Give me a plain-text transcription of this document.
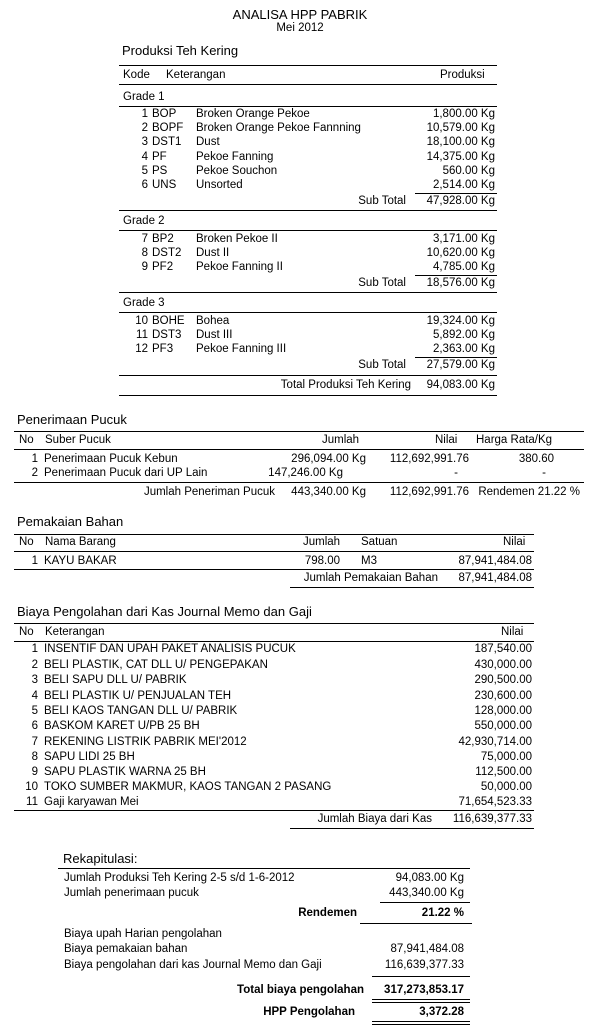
ANALISA HPP PABRIK
Mei 2012
Produksi Teh Kering
Kode Keterangan	Produksi
Grade 1
1 BOP Broken Orange Pekoe	1,800.00 Kg
2 BOPF Broken Orange Pekoe Fannning	10,579.00 Kg
3 DST1 Dust	18,100.00 Kg
4 PF	Pekoe Fanning	14,375.00 Kg
5 PS Pekoe Souchon	560.00 Kg
6 UNS Unsorted	2,514.00 Kg
Sub Total	47,928.00 Kg
Grade 2
7 BP2 Broken Pekoe II	3,171.00 Kg
8 DST2 Dust II	10,620.00 Kg
9 PF2 Pekoe Fanning II	4,785.00 Kg
Sub Total	18,576.00 Kg
Grade 3
10 BOHE Bohea	19,324.00 Kg
11 DST3 Dust III	5,892.00 Kg
12 PF3 Pekoe Fanning III	2,363.00 Kg
Sub Total	27,579.00 Kg
Total Produksi Teh Kering	94,083.00 Kg
Penerimaan Pucuk
No Suber Pucuk	Jumlah	Nilai Harga Rata/Kg
1 Penerimaan Pucuk Kebun	296,094.00 Kg	112,692,991.76	380.60
2 Penerimaan Pucuk dari UP Lain	147,246.00 Kg	-	-
Jumlah Peneriman Pucuk	443,340.00 Kg	112,692,991.76 Rendemen 21.22 %
Pemakaian Bahan
No Nama Barang	Jumlah Satuan	Nilai
1 KAYU BAKAR	798.00 M3	87,941,484.08
Jumlah Pemakaian Bahan	87,941,484.08
Biaya Pengolahan dari Kas Journal Memo dan Gaji
No Keterangan	Nilai
1 INSENTIF DAN UPAH PAKET ANALISIS PUCUK	187,540.00
2 BELI PLASTIK, CAT DLL U/ PENGEPAKAN	430,000.00
3 BELI SAPU DLL U/ PABRIK	290,500.00
4 BELI PLASTIK U/ PENJUALAN TEH	230,600.00
5 BELI KAOS TANGAN DLL U/ PABRIK	128,000.00
6 BASKOM KARET U/PB 25 BH	550,000.00
7 REKENING LISTRIK PABRIK MEI'2012	42,930,714.00
8 SAPU LIDI 25 BH	75,000.00
9 SAPU PLASTIK WARNA 25 BH	112,500.00
10 TOKO SUMBER MAKMUR, KAOS TANGAN 2 PASANG	50,000.00
11 Gaji karyawan Mei	71,654,523.33
Jumlah Biaya dari Kas	116,639,377.33
Rekapitulasi:
Jumlah Produksi Teh Kering 2-5 s/d 1-6-2012	94,083.00 Kg
Jumlah penerimaan pucuk	443,340.00 Kg
Rendemen	21.22 %
Biaya upah Harian pengolahan
Biaya pemakaian bahan	87,941,484.08
Biaya pengolahan dari kas Journal Memo dan Gaji	116,639,377.33
Total biaya pengolahan	317,273,853.17
HPP Pengolahan	3,372.28
